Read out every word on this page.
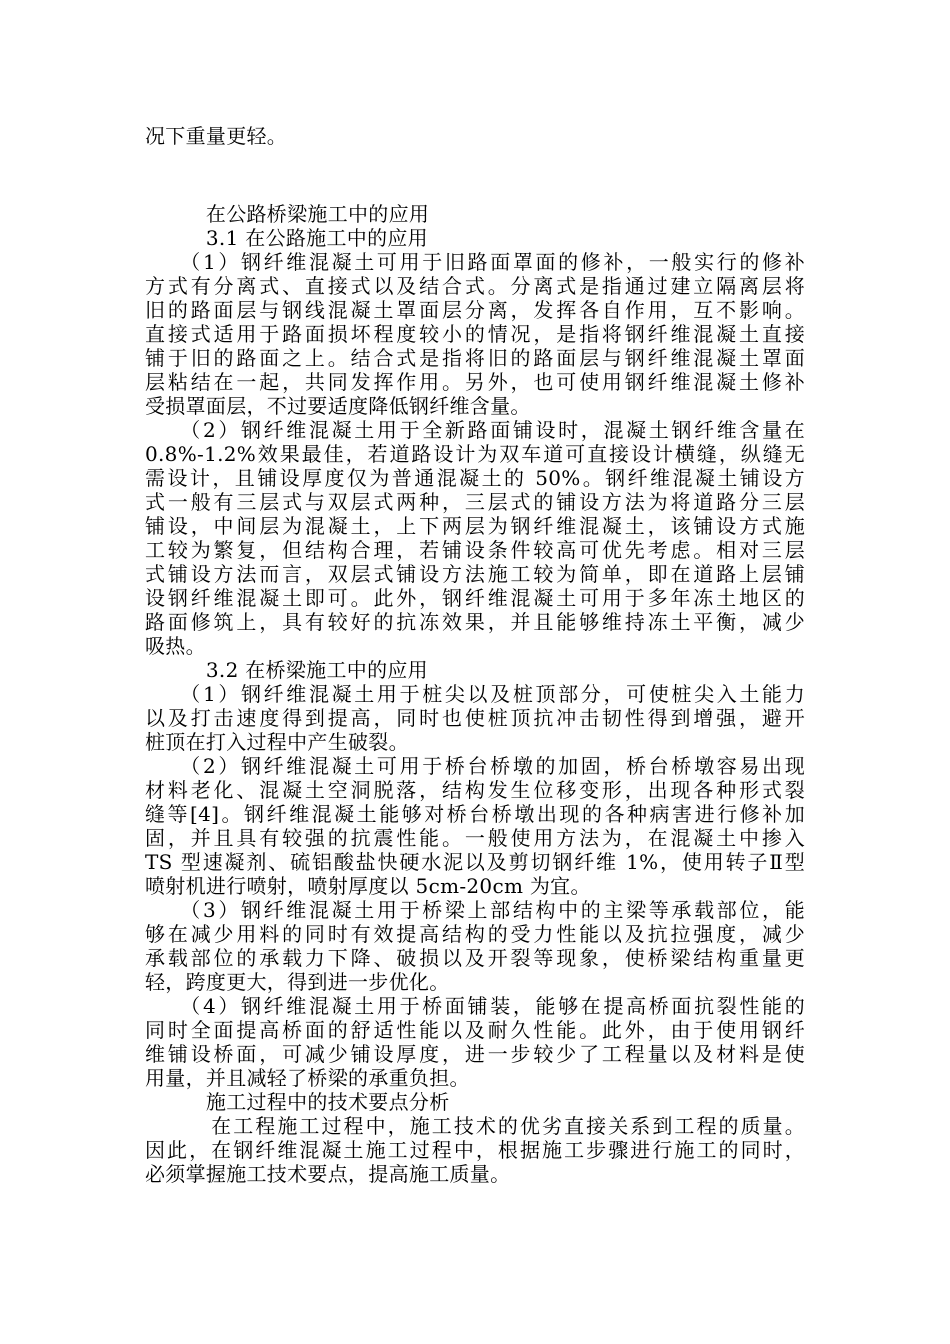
况下重量更轻。
　　　在公路桥梁施工中的应用
　　　3.1 在公路施工中的应用
　　（1）钢纤维混凝土可用于旧路面罩面的修补，一般实行的修补
方式有分离式、直接式以及结合式。分离式是指通过建立隔离层将
旧的路面层与钢线混凝土罩面层分离，发挥各自作用，互不影响。
直接式适用于路面损坏程度较小的情况，是指将钢纤维混凝土直接
铺于旧的路面之上。结合式是指将旧的路面层与钢纤维混凝土罩面
层粘结在一起，共同发挥作用。另外，也可使用钢纤维混凝土修补
受损罩面层，不过要适度降低钢纤维含量。
　　（2）钢纤维混凝土用于全新路面铺设时，混凝土钢纤维含量在
0.8%-1.2%效果最佳，若道路设计为双车道可直接设计横缝，纵缝无
需设计，且铺设厚度仅为普通混凝土的 50%。钢纤维混凝土铺设方
式一般有三层式与双层式两种，三层式的铺设方法为将道路分三层
铺设，中间层为混凝土，上下两层为钢纤维混凝土，该铺设方式施
工较为繁复，但结构合理，若铺设条件较高可优先考虑。相对三层
式铺设方法而言，双层式铺设方法施工较为简单，即在道路上层铺
设钢纤维混凝土即可。此外，钢纤维混凝土可用于多年冻土地区的
路面修筑上，具有较好的抗冻效果，并且能够维持冻土平衡，减少
吸热。
　　　3.2 在桥梁施工中的应用
　　（1）钢纤维混凝土用于桩尖以及桩顶部分，可使桩尖入土能力
以及打击速度得到提高，同时也使桩顶抗冲击韧性得到增强，避开
桩顶在打入过程中产生破裂。
　　（2）钢纤维混凝土可用于桥台桥墩的加固，桥台桥墩容易出现
材料老化、混凝土空洞脱落，结构发生位移变形，出现各种形式裂
缝等[4]。钢纤维混凝土能够对桥台桥墩出现的各种病害进行修补加
固，并且具有较强的抗震性能。一般使用方法为，在混凝土中掺入
TS 型速凝剂、硫铝酸盐快硬水泥以及剪切钢纤维 1%，使用转子Ⅱ型
喷射机进行喷射，喷射厚度以 5cm-20cm 为宜。
　　（3）钢纤维混凝土用于桥梁上部结构中的主梁等承载部位，能
够在减少用料的同时有效提高结构的受力性能以及抗拉强度，减少
承载部位的承载力下降、破损以及开裂等现象，使桥梁结构重量更
轻，跨度更大，得到进一步优化。
　　（4）钢纤维混凝土用于桥面铺装，能够在提高桥面抗裂性能的
同时全面提高桥面的舒适性能以及耐久性能。此外，由于使用钢纤
维铺设桥面，可减少铺设厚度，进一步较少了工程量以及材料是使
用量，并且减轻了桥梁的承重负担。
　　　施工过程中的技术要点分析
　　　在工程施工过程中，施工技术的优劣直接关系到工程的质量。
因此，在钢纤维混凝土施工过程中，根据施工步骤进行施工的同时，
必须掌握施工技术要点，提高施工质量。
